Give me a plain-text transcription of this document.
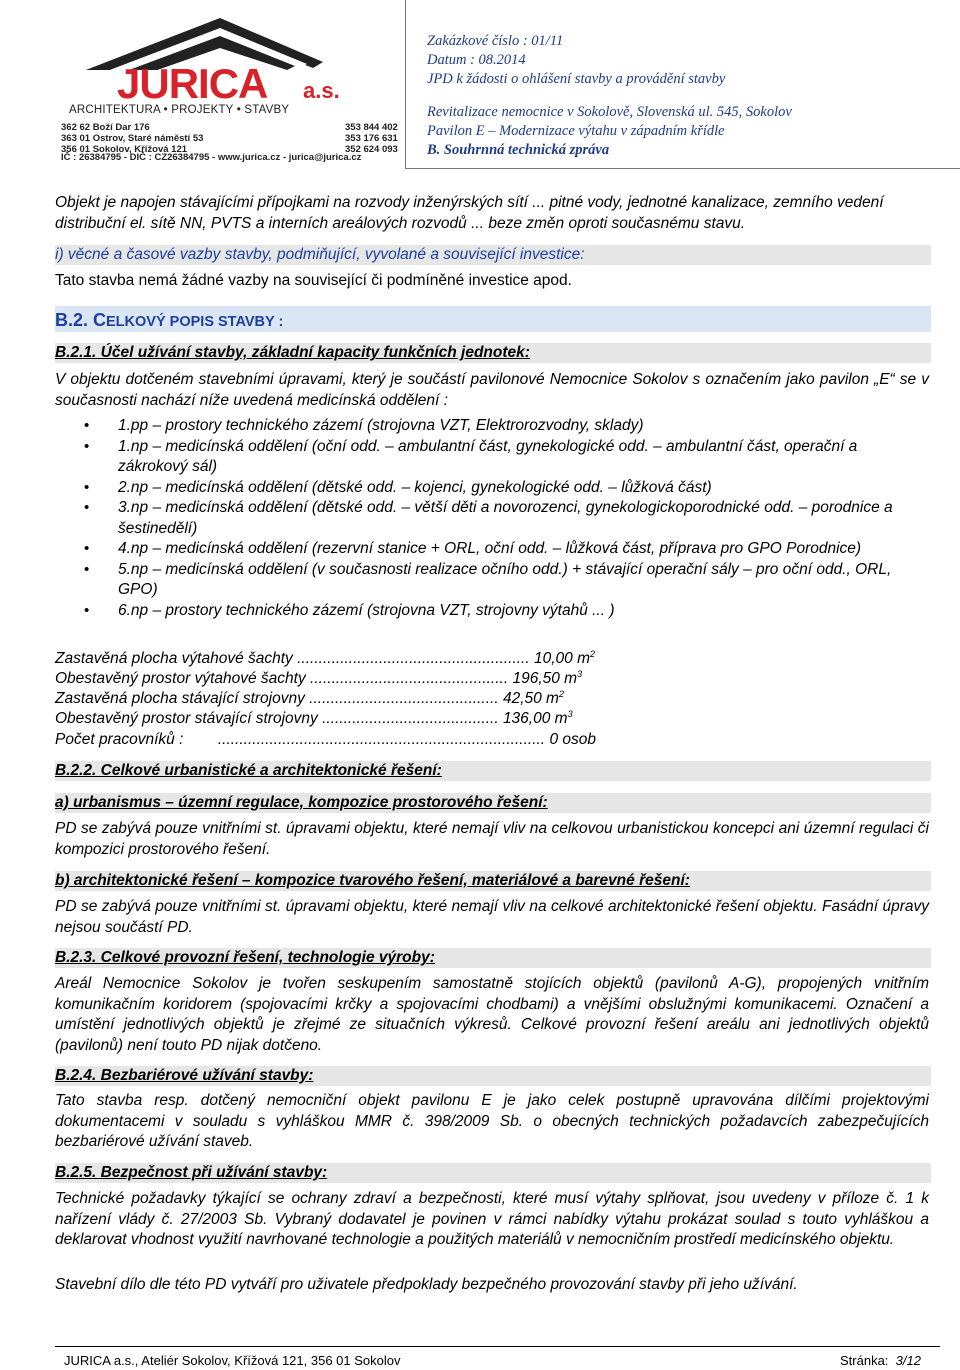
JURICA a.s.
ARCHITEKTURA • PROJEKTY • STAVBY
362 62 Boží Dar 176
363 01 Ostrov, Staré náměstí 53
356 01 Sokolov, Křížová 121
353 844 402
353 176 631
352 624 093
IČ : 26384795 - DIČ : CZ26384795 - www.jurica.cz - jurica@jurica.cz
Zakázkové číslo : 01/11
Datum : 08.2014
JPD k žádosti o ohlášení stavby a provádění stavby
Revitalizace nemocnice v Sokolově, Slovenská ul. 545, Sokolov
Pavilon E – Modernizace výtahu v západním křídle
B. Souhrnná technická zpráva
Objekt je napojen stávajícími přípojkami na rozvody inženýrských sítí ... pitné vody, jednotné kanalizace, zemního vedení distribuční el. sítě NN, PVTS a interních areálových rozvodů ... beze změn oproti současnému stavu.
i) věcné a časové vazby stavby, podmiňující, vyvolané a související investice:
Tato stavba nemá žádné vazby na související či podmíněné investice apod.
B.2. CELKOVÝ POPIS STAVBY :
B.2.1. Účel užívání stavby, základní kapacity funkčních jednotek:
V objektu dotčeném stavebními úpravami, který je součástí pavilonové Nemocnice Sokolov s označením jako pavilon „E“ se v současnosti nachází níže uvedená medicínská oddělení :
• 1.pp – prostory technického zázemí (strojovna VZT, Elektrorozvodny, sklady)
• 1.np – medicínská oddělení (oční odd. – ambulantní část, gynekologické odd. – ambulantní část, operační a zákrokový sál)
• 2.np – medicínská oddělení (dětské odd. – kojenci, gynekologické odd. – lůžková část)
• 3.np – medicínská oddělení (dětské odd. – větší děti a novorozenci, gynekologickoporodnické odd. – porodnice a šestinedělí)
• 4.np – medicínská oddělení (rezervní stanice + ORL, oční odd. – lůžková část, příprava pro GPO Porodnice)
• 5.np – medicínská oddělení (v současnosti realizace očního odd.) + stávající operační sály – pro oční odd., ORL, GPO)
• 6.np – prostory technického zázemí (strojovna VZT, strojovny výtahů ... )
Zastavěná plocha výtahové šachty ...................................................... 10,00 $m^2$
Obestavěný prostor výtahové šachty .............................................. 196,50 $m^3$
Zastavěná plocha stávající strojovny ............................................ 42,50 $m^2$
Obestavěný prostor stávající strojovny ......................................... 136,00 $m^3$
Počet pracovníků : ............................................................................ 0 osob
B.2.2. Celkové urbanistické a architektonické řešení:
a) urbanismus – územní regulace, kompozice prostorového řešení:
PD se zabývá pouze vnitřními st. úpravami objektu, které nemají vliv na celkovou urbanistickou koncepci ani územní regulaci či kompozici prostorového řešení.
b) architektonické řešení – kompozice tvarového řešení, materiálové a barevné řešení:
PD se zabývá pouze vnitřními st. úpravami objektu, které nemají vliv na celkové architektonické řešení objektu. Fasádní úpravy nejsou součástí PD.
B.2.3. Celkové provozní řešení, technologie výroby:
Areál Nemocnice Sokolov je tvořen seskupením samostatně stojících objektů (pavilonů A-G), propojených vnitřním komunikačním koridorem (spojovacími krčky a spojovacími chodbami) a vnějšími obslužnými komunikacemi. Označení a umístění jednotlivých objektů je zřejmé ze situačních výkresů. Celkové provozní řešení areálu ani jednotlivých objektů (pavilonů) není touto PD nijak dotčeno.
B.2.4. Bezbariérové užívání stavby:
Tato stavba resp. dotčený nemocniční objekt pavilonu E je jako celek postupně upravována dílčími projektovými dokumentacemi v souladu s vyhláškou MMR č. 398/2009 Sb. o obecných technických požadavcích zabezpečujících bezbariérové užívání staveb.
B.2.5. Bezpečnost při užívání stavby:
Technické požadavky týkající se ochrany zdraví a bezpečnosti, které musí výtahy splňovat, jsou uvedeny v příloze č. 1 k nařízení vlády č. 27/2003 Sb. Vybraný dodavatel je povinen v rámci nabídky výtahu prokázat soulad s touto vyhláškou a deklarovat vhodnost využití navrhované technologie a použitých materiálů v nemocničním prostředí medicínského objektu.
Stavební dílo dle této PD vytváří pro uživatele předpoklady bezpečného provozování stavby při jeho užívání.
JURICA a.s., Ateliér Sokolov, Křížová 121, 356 01 Sokolov	Stránka: 3/12
